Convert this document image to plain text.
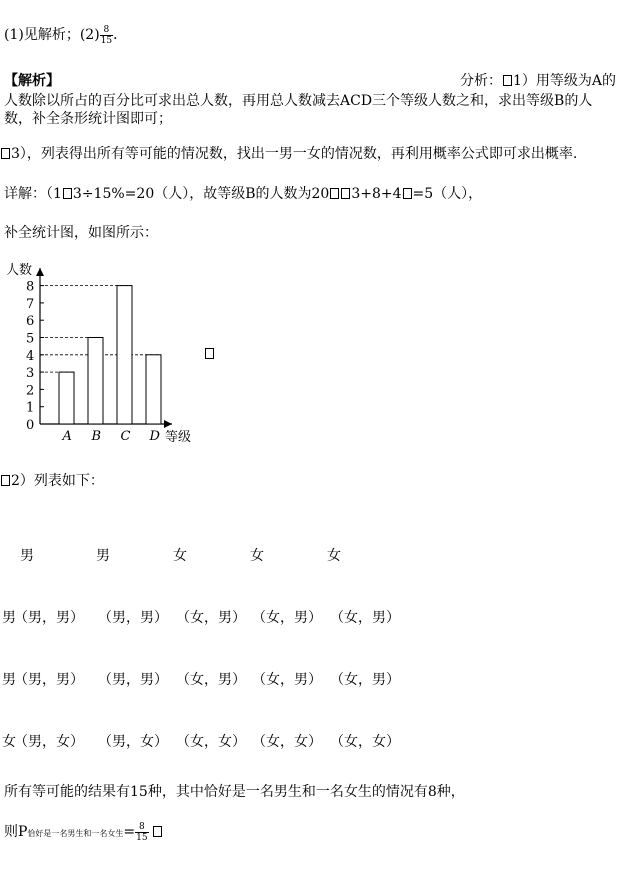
(1)见解析；$(2) \frac{8}{15}$ ．
【解析】	分析： 1）用等级为A的
人数除以所占的百分比可求出总人数，再用总人数减去ACD三个等级人数之和，求出等级B的人
数，补全条形统计图即可；
3），列表得出所有等可能的情况数，找出一男一女的情况数，再利用概率公式即可求出概率.
详解：（1 3÷15%=20（人），故等级B的人数为20 3+8+4 =5（人），
补全统计图，如图所示：
人数
等级
0
1
2
3
4
5
6
7
8
A B C D
2）列表如下：
男	男	女	女	女
男
（男，男） （男，男） （女，男） （女，男） （女，男）
男
（男，男） （男，男） （女，男） （女，男） （女，男）
女
（男，女） （男，女） （女，女） （女，女） （女，女）
所有等可能的结果有15种，其中恰好是一名男生和一名女生的情况有8种，
则P恰好是一名男生和一名女生= $\frac{8}{15}$
